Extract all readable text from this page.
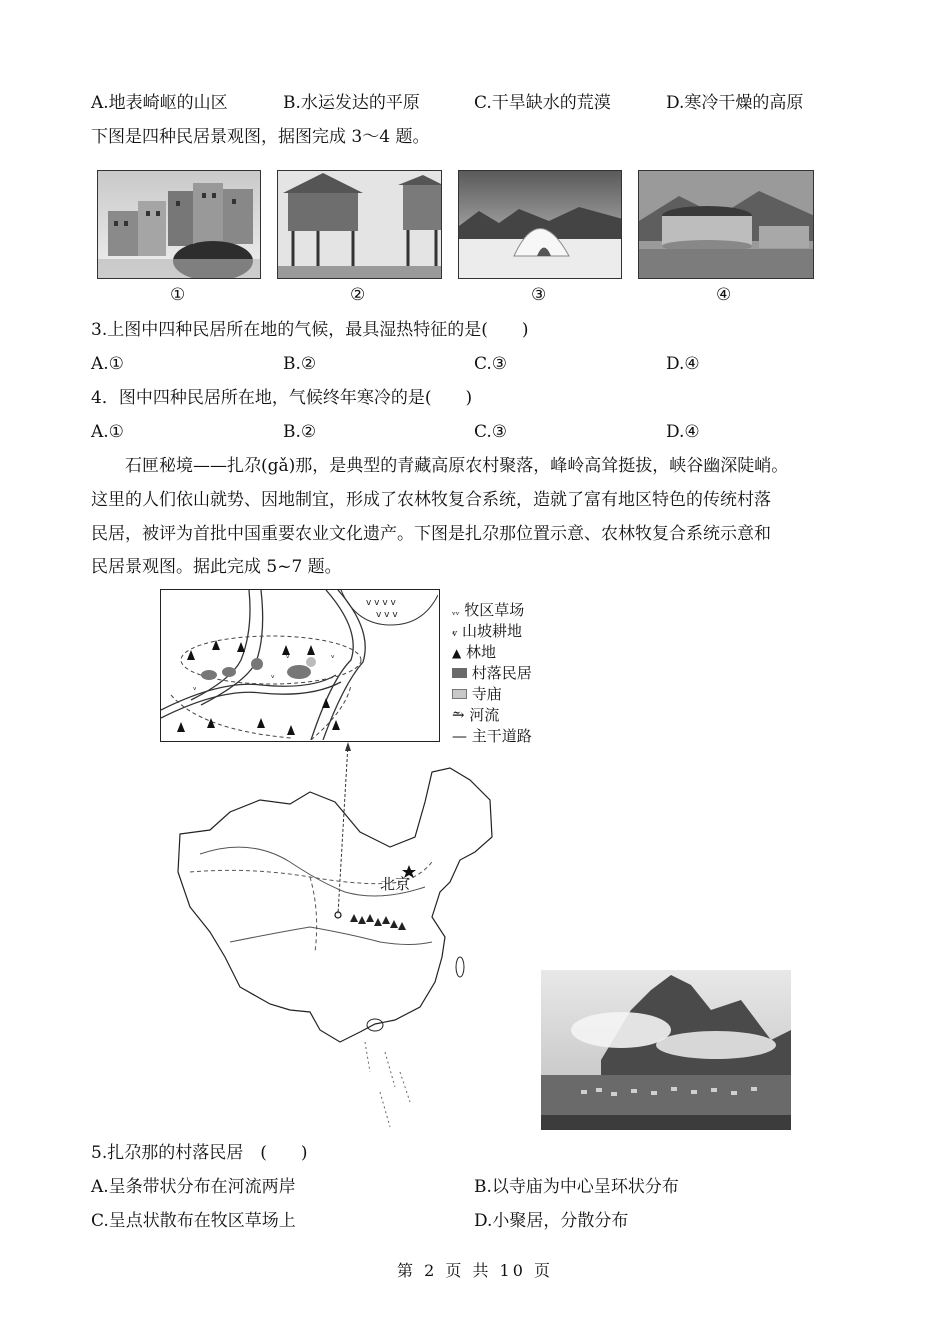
A.地表崎岖的山区	B.水运发达的平原	C.干旱缺水的荒漠	D.寒冷干燥的高原
下图是四种民居景观图，据图完成 3～4 题。
①	②	③	④
3.上图中四种民居所在地的气候，最具湿热特征的是(　　)
A.①	B.②	C.③	D.④
4．图中四种民居所在地，气候终年寒冷的是(　　)
A.①	B.②	C.③	D.④
　　石匣秘境——扎尕(gǎ)那，是典型的青藏高原农村聚落，峰岭高耸挺拔，峡谷幽深陡峭。
这里的人们依山就势、因地制宜，形成了农林牧复合系统，造就了富有地区特色的传统村落
民居，被评为首批中国重要农业文化遗产。下图是扎尕那位置示意、农林牧复合系统示意和
民居景观图。据此完成 5~7 题。
v v v v
v v v
ᵥ
ᵥ
ᵥ	ᵥ
ᵥᵥ 牧区草场
ⱴ 山坡耕地
▲ 林地
村落民居
寺庙
⥲ 河流
— 主干道路
北京
5.扎尕那的村落民居　(　　)
A.呈条带状分布在河流两岸	B.以寺庙为中心呈环状分布
C.呈点状散布在牧区草场上	D.小聚居，分散分布
第 2 页 共 10 页
